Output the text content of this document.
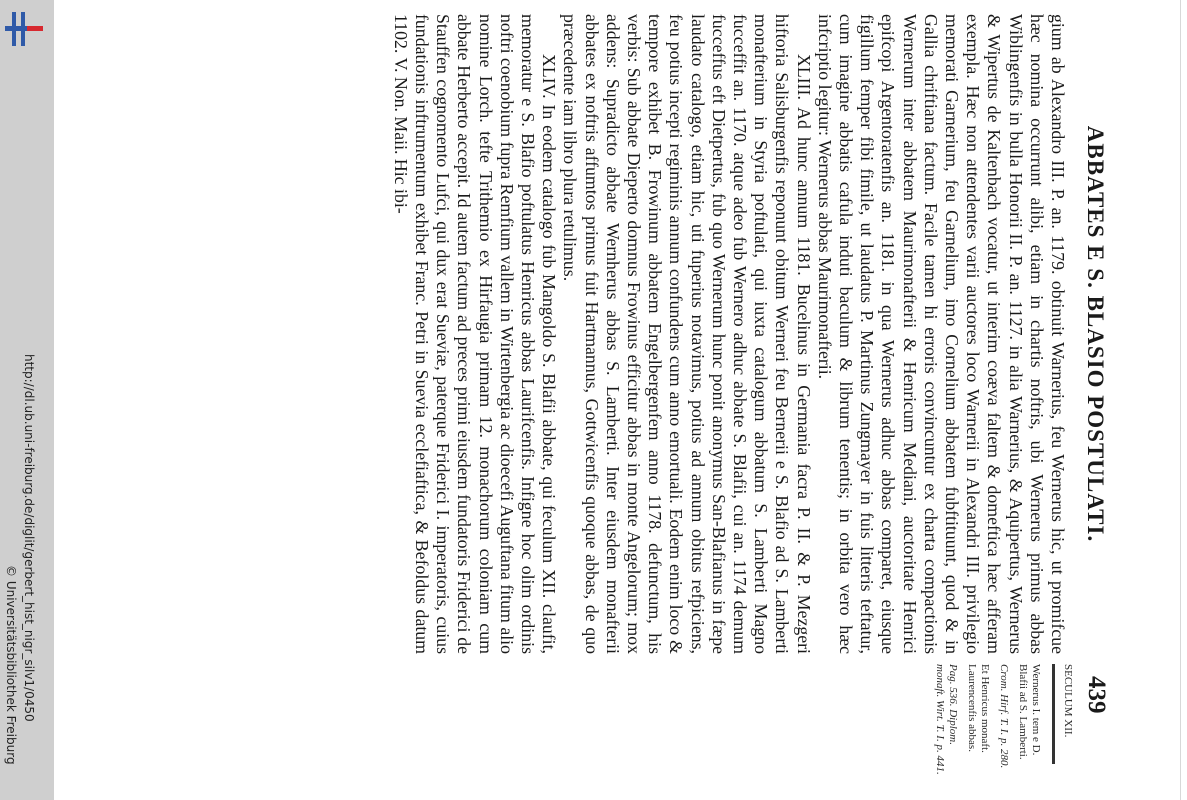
http://dl.ub.uni-freiburg.de/diglit/gerbert_hist_nigr_silv1/0450
© Universitätsbibliothek Freiburg
ABBATES E S. BLASIO POSTULATI.
439

gium ab Alexandro III. P. an. 1179. obtinuit Warnerius, feu Wernerus hic, ut promifcue hæc nomina occurrunt alibi, etiam in chartis noftris, ubi Wernerus primus abbas Wiblingenfis in bulla Honorii II. P. an. 1127. in alia Warnerius, & Aquipertus, Wernerus & Wipertus de Kaltenbach vocatur, ut interim coæva faltem & domeftica hæc afferam exempla. Hæc non attendentes varii auctores loco Warnerii in Alexandri III. privilegio memorati Garnerium, feu Garnelium, imo Cornelium abbatem fubftituunt, quod & in Gallia chriftiana factum. Facile tamen hi erroris convincuntur ex charta compactionis Wernerum inter abbatem Maurimonafterii & Henricum Mediani, auctoritate Henrici epifcopi Argentoratenfis an. 1181. in qua Wernerus adhuc abbas comparet, eiusque figillum femper fibi fimile, ut laudatus P. Martinus Zungmayer in fuis litteris teftatur, cum imagine abbatis cafula induti baculum & librum tenentis; in orbita vero hæc infcriptio legitur: Wernerus abbas Maurimonafterii.

XLIII. Ad hunc annum 1181. Bucelinus in Germania facra P. II. & P. Mezgeri hiftoria Salisburgenfis reponunt obitum Werneri feu Bernerii e S. Blafio ad S. Lamberti monafterium in Styria poftulati, qui iuxta catalogum abbatum S. Lamberti Magno fucceffit an. 1170. atque adeo fub Wernero adhuc abbate S. Blafii, cui an. 1174 demum fucceffus eft Dietpertus, fub quo Wernerum hunc ponit anonymus San-Blafianus in fæpe laudato catalogo, etiam hic, uti fuperius notavimus, potius ad annum obitus refpiciens, feu potius incepti regiminis annum confundens cum anno emortuali. Eodem enim loco & tempore exhibet B. Frowinum abbatem Engelbergenfem anno 1178. defunctum, his verbis: Sub abbate Dieperto domnus Frowinus efficitur abbas in monte Angelorum; mox addens: Supradicto abbate Wernherus abbas S. Lamberti. Inter eiusdem monafterii abbates ex noftris affumtos primus fuit Hartmannus, Gottwicenfis quoque abbas, de quo præcedente iam libro plura retulimus.

XLIV. In eodem catalogo fub Mangoldo S. Blafii abbate, qui feculum XII. claufit, memoratur e S. Blafio poftulatus Henricus abbas Laurifcenfis. Infigne hoc olim ordinis noftri coenobium fupra Remfium vallem in Wirtenbergia ac dioecefi Auguftana fitum alio nomine Lorch. tefte Trithemio ex Hirfaugia primam 12. monachorum coloniam cum abbate Herberto accepit. Id autem factum ad preces primi eiusdem fundatoris Friderici de Stauffen cognomento Lufci, qui dux erat Sueviæ, paterque Friderici I. imperatoris, cuius fundationis inftrumentum exhibet Franc. Petri in Suevia ecclefiaftica, & Befoldus datum 1102. V. Non. Maii. Hic ibi-

SECULUM XII.
Wernerus I. tem e D. Blafii ad S. Lamberti.
Crom. Hirf. T. I. p. 280.
Et Henricus monaft. Laurencenfis abbas.
Pag. 536. Diplom. monaft. Wirt. T. I. p. 441.
